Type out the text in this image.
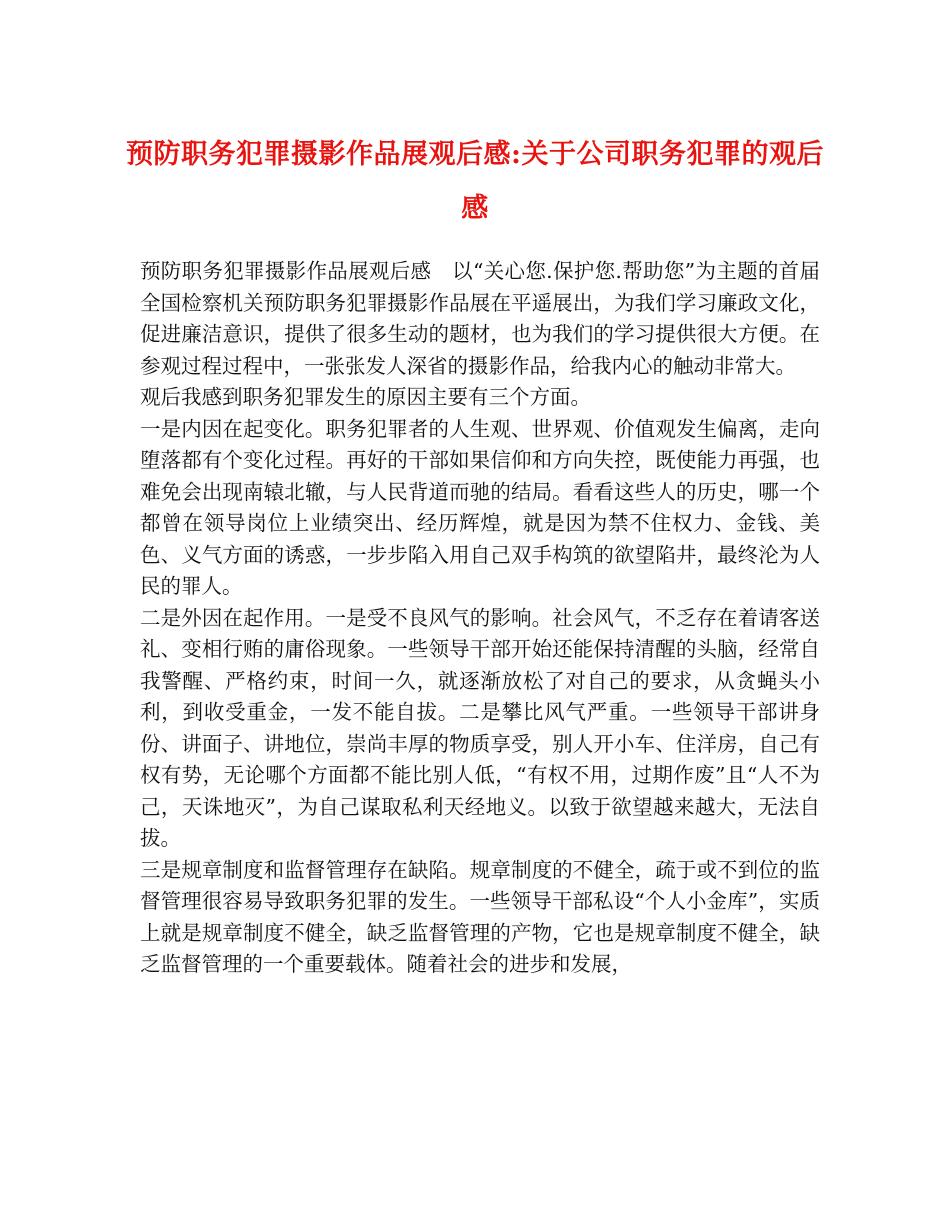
预防职务犯罪摄影作品展观后感:关于公司职务犯罪的观后感

预防职务犯罪摄影作品展观后感　以“关心您.保护您.帮助您”为主题的首届全国检察机关预防职务犯罪摄影作品展在平遥展出，为我们学习廉政文化，促进廉洁意识，提供了很多生动的题材，也为我们的学习提供很大方便。在参观过程过程中，一张张发人深省的摄影作品，给我内心的触动非常大。

观后我感到职务犯罪发生的原因主要有三个方面。

一是内因在起变化。职务犯罪者的人生观、世界观、价值观发生偏离，走向堕落都有个变化过程。再好的干部如果信仰和方向失控，既使能力再强，也难免会出现南辕北辙，与人民背道而驰的结局。看看这些人的历史，哪一个都曾在领导岗位上业绩突出、经历辉煌，就是因为禁不住权力、金钱、美色、义气方面的诱惑，一步步陷入用自己双手构筑的欲望陷井，最终沦为人民的罪人。

二是外因在起作用。一是受不良风气的影响。社会风气，不乏存在着请客送礼、变相行贿的庸俗现象。一些领导干部开始还能保持清醒的头脑，经常自我警醒、严格约束，时间一久，就逐渐放松了对自己的要求，从贪蝇头小利，到收受重金，一发不能自拔。二是攀比风气严重。一些领导干部讲身份、讲面子、讲地位，崇尚丰厚的物质享受，别人开小车、住洋房，自己有权有势，无论哪个方面都不能比别人低，“有权不用，过期作废”且“人不为己，天诛地灭”，为自己谋取私利天经地义。以致于欲望越来越大，无法自拔。

三是规章制度和监督管理存在缺陷。规章制度的不健全，疏于或不到位的监督管理很容易导致职务犯罪的发生。一些领导干部私设“个人小金库”，实质上就是规章制度不健全，缺乏监督管理的产物，它也是规章制度不健全，缺乏监督管理的一个重要载体。随着社会的进步和发展，
